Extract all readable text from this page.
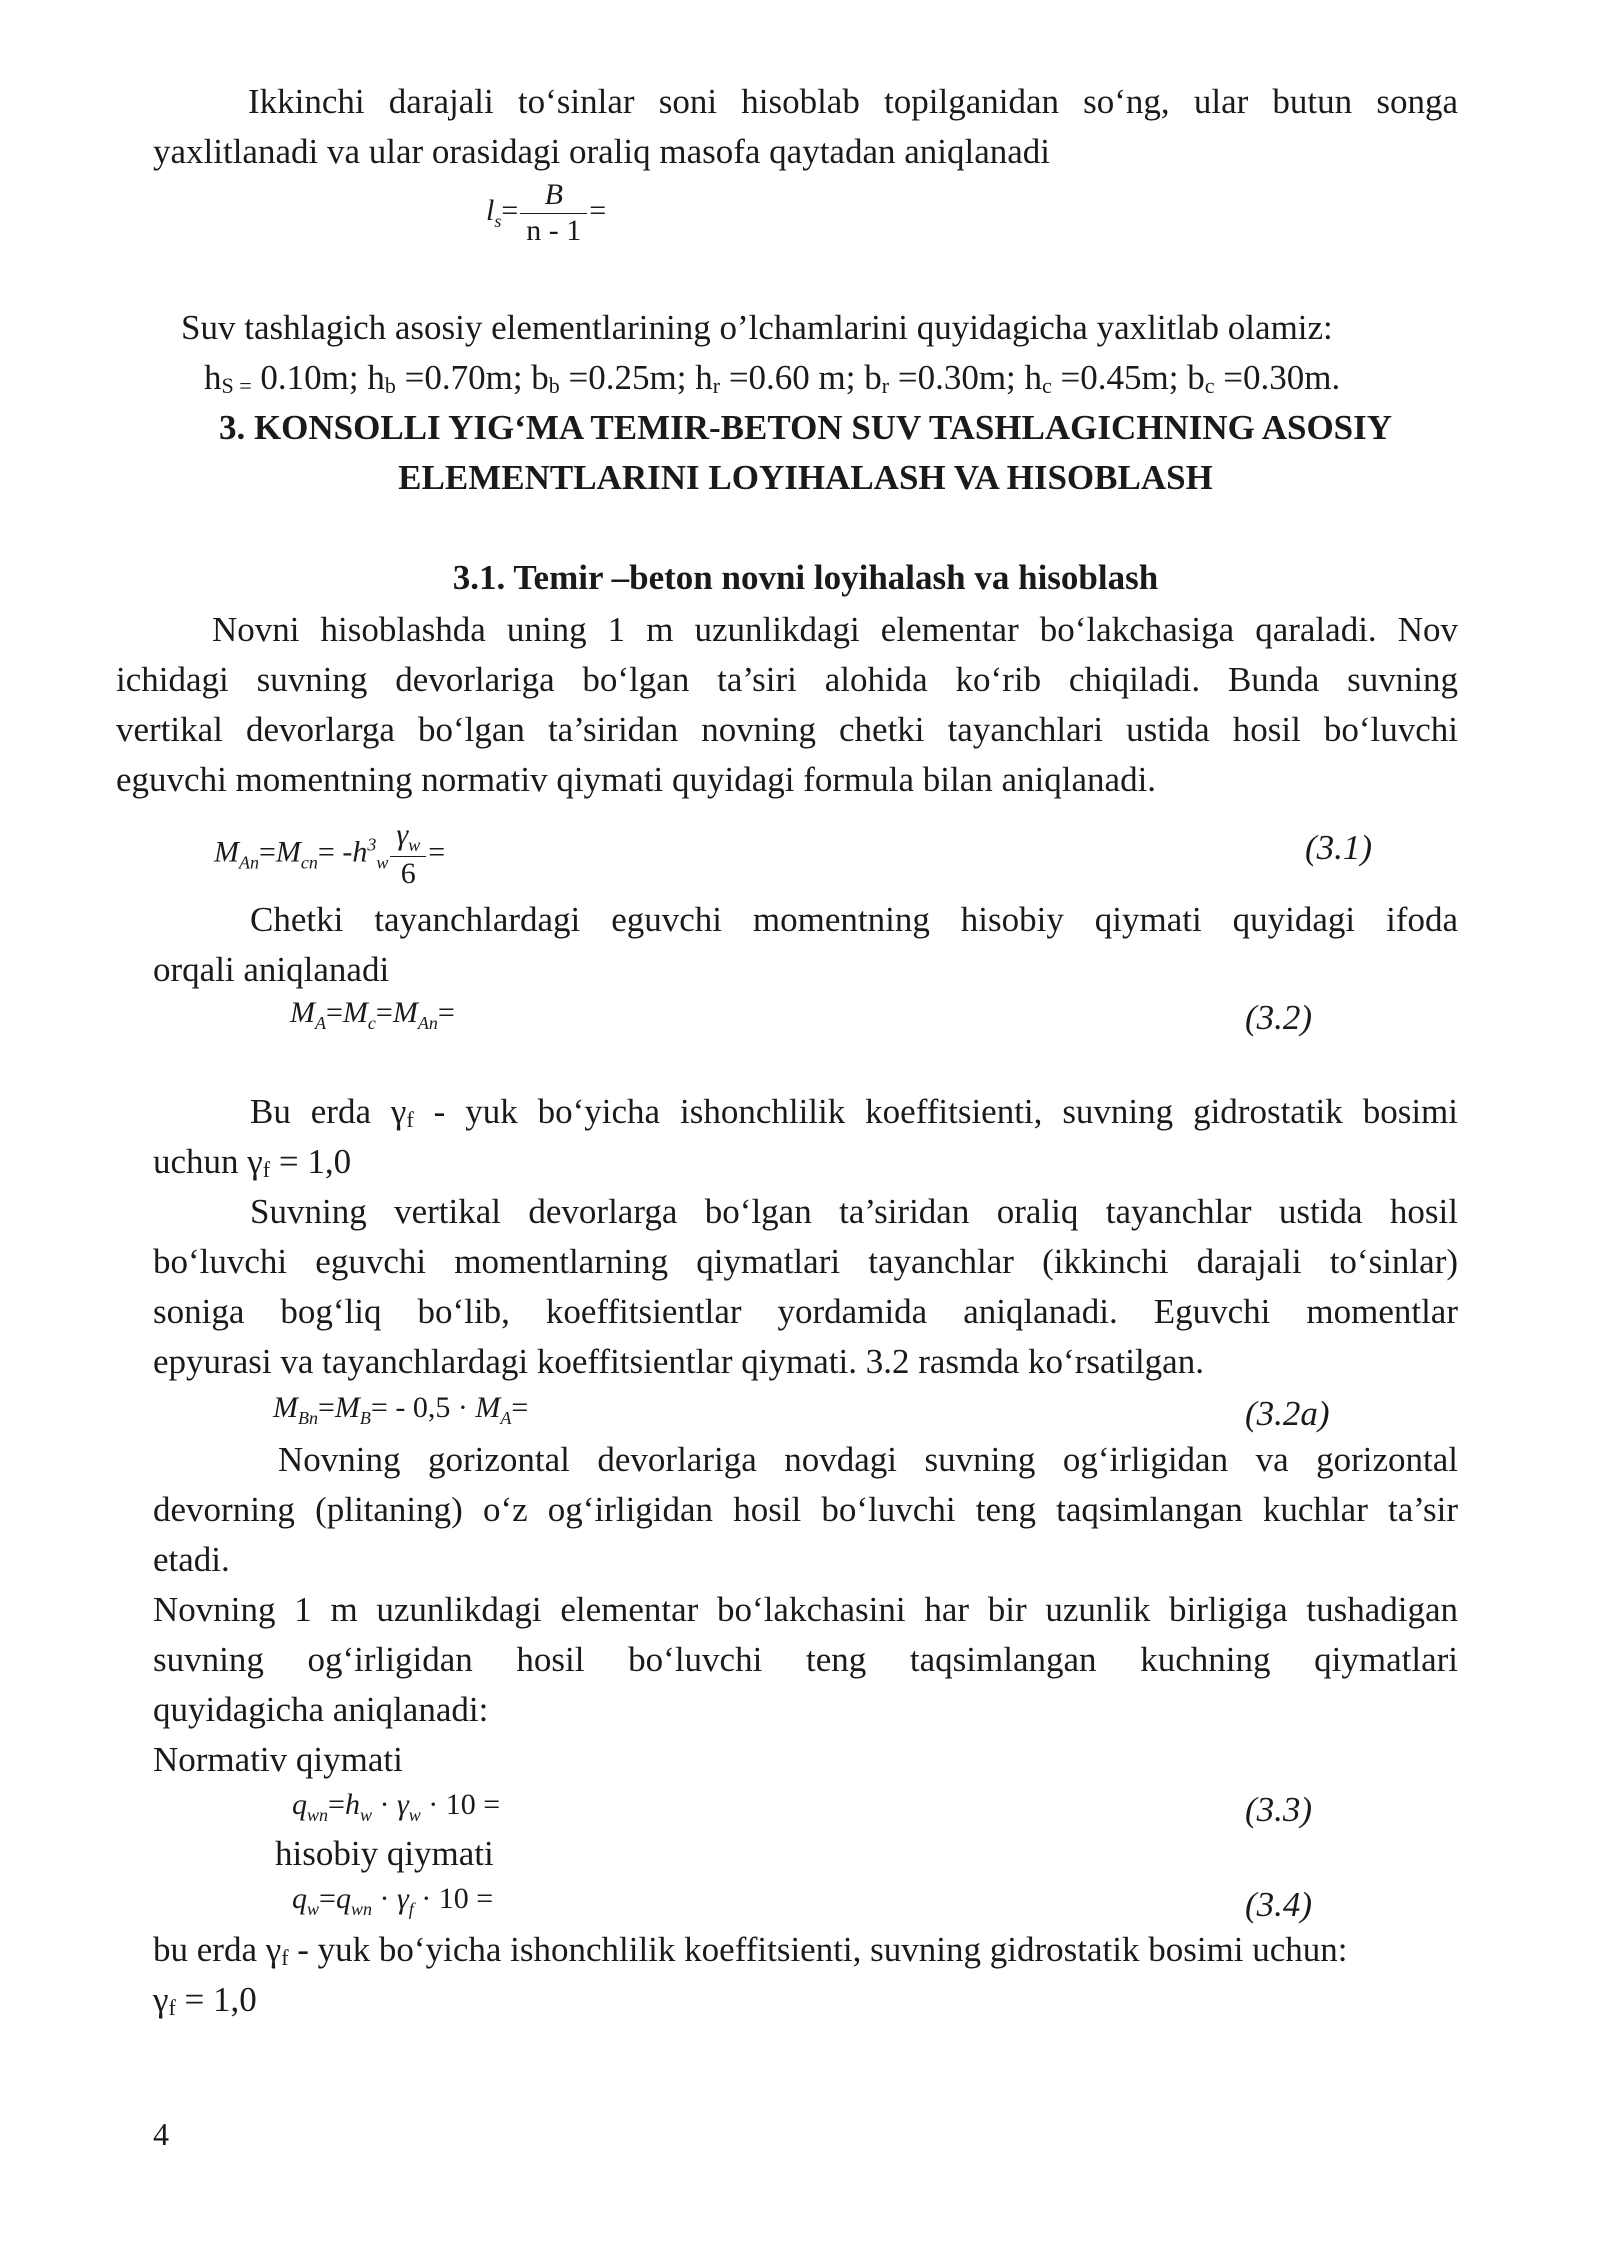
Ikkinchi darajali to‘sinlar soni hisoblab topilganidan so‘ng, ular butun songa
yaxlitlanadi va ular orasidagi oraliq masofa qaytadan aniqlanadi
$l_s= \frac{B}{n - 1}$ =
Suv tashlagich asosiy elementlarining o’lchamlarini quyidagicha yaxlitlab olamiz:
hS = 0.10m; hb =0.70m; bb =0.25m; hr =0.60 m; br =0.30m; hc =0.45m; bc =0.30m.
3. KONSOLLI YIG‘MA TEMIR-BETON SUV TASHLAGICHNING ASOSIY
ELEMENTLARINI LOYIHALASH VA HISOBLASH
3.1. Temir –beton novni loyihalash va hisoblash
Novni hisoblashda uning 1 m uzunlikdagi elementar bo‘lakchasiga qaraladi. Nov
ichidagi suvning devorlariga bo‘lgan ta’siri alohida ko‘rib chiqiladi. Bunda suvning
vertikal devorlarga bo‘lgan ta’siridan novning chetki tayanchlari ustida hosil bo‘luvchi
eguvchi momentning normativ qiymati quyidagi formula bilan aniqlanadi.
$M_{An}=M_{cn}= -h^3_w \frac{\gamma_w}{6}$ =	(3.1)
Chetki tayanchlardagi eguvchi momentning hisobiy qiymati quyidagi ifoda
orqali aniqlanadi
$M_A=M_c=M_{An}=$	(3.2)
Bu erda γf - yuk bo‘yicha ishonchlilik koeffitsienti, suvning gidrostatik bosimi
uchun γf = 1,0
Suvning vertikal devorlarga bo‘lgan ta’siridan oraliq tayanchlar ustida hosil
bo‘luvchi eguvchi momentlarning qiymatlari tayanchlar (ikkinchi darajali to‘sinlar)
soniga bog‘liq bo‘lib, koeffitsientlar yordamida aniqlanadi. Eguvchi momentlar
epyurasi va tayanchlardagi koeffitsientlar qiymati. 3.2 rasmda ko‘rsatilgan.
$M_{Bn}=M_B= - 0,5 \cdot M_A=$	(3.2a)
Novning gorizontal devorlariga novdagi suvning og‘irligidan va gorizontal
devorning (plitaning) o‘z og‘irligidan hosil bo‘luvchi teng taqsimlangan kuchlar ta’sir
etadi.
Novning 1 m uzunlikdagi elementar bo‘lakchasini har bir uzunlik birligiga tushadigan
suvning og‘irligidan hosil bo‘luvchi teng taqsimlangan kuchning qiymatlari
quyidagicha aniqlanadi:
Normativ qiymati
$q_{wn}=h_w \cdot \gamma_w \cdot 10$ =	(3.3)
hisobiy qiymati
$q_w=q_{wn} \cdot \gamma_f \cdot 10$ =	(3.4)
bu erda γf - yuk bo‘yicha ishonchlilik koeffitsienti, suvning gidrostatik bosimi uchun:
γf = 1,0
4
